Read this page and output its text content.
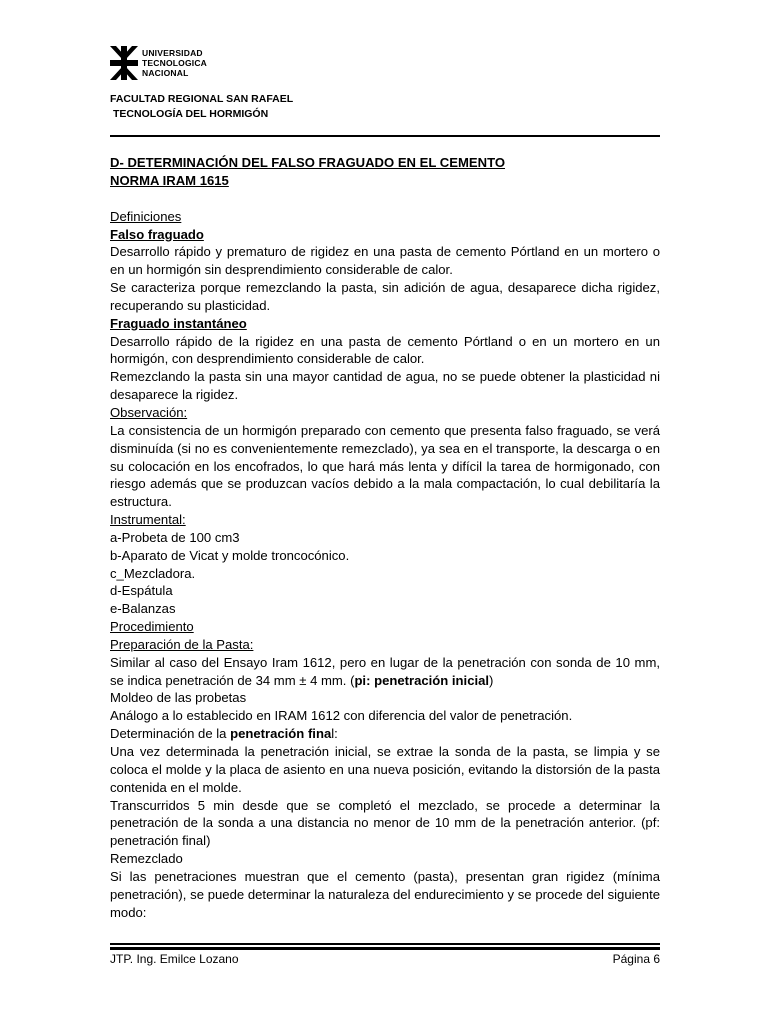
UNIVERSIDAD
TECNOLOGICA
NACIONAL
FACULTAD REGIONAL SAN RAFAEL
TECNOLOGÍA DEL HORMIGÓN

D- DETERMINACIÓN DEL FALSO FRAGUADO EN EL CEMENTO

NORMA IRAM 1615

Definiciones

Falso fraguado

Desarrollo rápido y prematuro de rigidez en una pasta de cemento Pórtland en un mortero o en un hormigón sin desprendimiento considerable de calor.

Se caracteriza porque remezclando la pasta, sin adición de agua, desaparece dicha rigidez, recuperando su plasticidad.

Fraguado instantáneo

Desarrollo rápido de la rigidez en una pasta de cemento Pórtland o en un mortero en un hormigón, con desprendimiento considerable de calor.

Remezclando la pasta sin una mayor cantidad de agua, no se puede obtener la plasticidad ni desaparece la rigidez.

Observación:

La consistencia de un hormigón preparado con cemento que presenta falso fraguado, se verá disminuída (si no es convenientemente remezclado), ya sea en el transporte, la descarga o en su colocación en los encofrados, lo que hará más lenta y difícil la tarea de hormigonado, con riesgo además que se produzcan vacíos debido a la mala compactación, lo cual debilitaría la estructura.

Instrumental:

a-Probeta de 100 cm3

b-Aparato de Vicat y molde troncocónico.

c_Mezcladora.

d-Espátula

e-Balanzas

Procedimiento

Preparación de la Pasta:

Similar al caso del Ensayo Iram 1612, pero en lugar de la penetración con sonda de 10 mm, se indica penetración de 34 mm ± 4 mm. (pi: penetración inicial)

Moldeo de las probetas

Análogo a lo establecido en IRAM 1612 con diferencia del valor de penetración.

Determinación de la penetración final:

Una vez determinada la penetración inicial, se extrae la sonda de la pasta, se limpia y se coloca el molde y la placa de asiento en una nueva posición, evitando la distorsión de la pasta contenida en el molde.

Transcurridos 5 min desde que se completó el mezclado, se procede a determinar la penetración de la sonda a una distancia no menor de 10 mm de la penetración anterior. (pf: penetración final)

Remezclado

Si las penetraciones muestran que el cemento (pasta), presentan gran rigidez (mínima penetración), se puede determinar la naturaleza del endurecimiento y se procede del siguiente modo:

JTP. Ing. Emilce Lozano	Página 6
